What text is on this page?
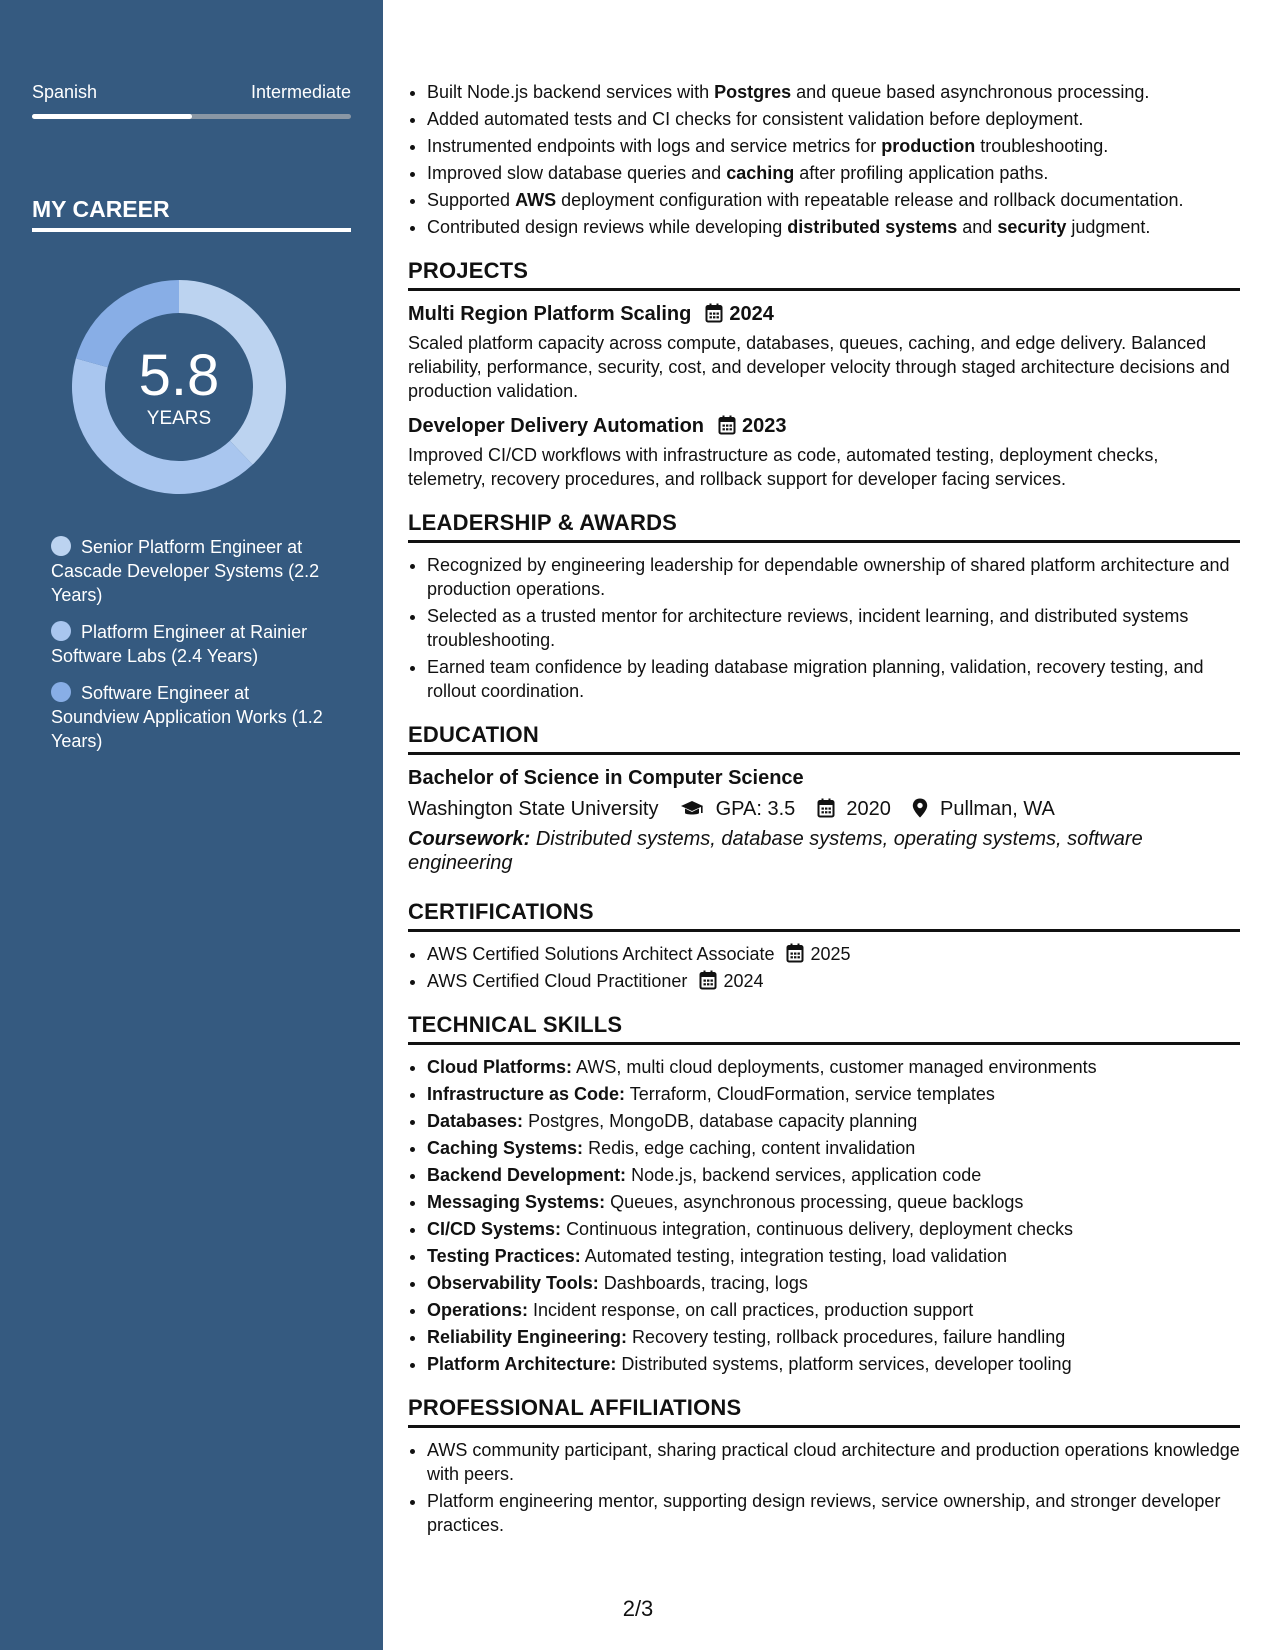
Spanish	Intermediate
MY CAREER
5.8
YEARS
Senior Platform Engineer at Cascade Developer Systems (2.2 Years)
Platform Engineer at Rainier Software Labs (2.4 Years)
Software Engineer at Soundview Application Works (1.2 Years)
• Built Node.js backend services with Postgres and queue based asynchronous processing.
• Added automated tests and CI checks for consistent validation before deployment.
• Instrumented endpoints with logs and service metrics for production troubleshooting.
• Improved slow database queries and caching after profiling application paths.
• Supported AWS deployment configuration with repeatable release and rollback documentation.
• Contributed design reviews while developing distributed systems and security judgment.
PROJECTS
Multi Region Platform Scaling 2024
Scaled platform capacity across compute, databases, queues, caching, and edge delivery. Balanced reliability, performance, security, cost, and developer velocity through staged architecture decisions and production validation.
Developer Delivery Automation 2023
Improved CI/CD workflows with infrastructure as code, automated testing, deployment checks, telemetry, recovery procedures, and rollback support for developer facing services.
LEADERSHIP & AWARDS
• Recognized by engineering leadership for dependable ownership of shared platform architecture and production operations.
• Selected as a trusted mentor for architecture reviews, incident learning, and distributed systems troubleshooting.
• Earned team confidence by leading database migration planning, validation, recovery testing, and rollout coordination.
EDUCATION
Bachelor of Science in Computer Science
Washington State University	GPA: 3.5	2020 Pullman, WA
Coursework: Distributed systems, database systems, operating systems, software engineering
CERTIFICATIONS
• AWS Certified Solutions Architect Associate 2025
• AWS Certified Cloud Practitioner 2024
TECHNICAL SKILLS
• Cloud Platforms: AWS, multi cloud deployments, customer managed environments
• Infrastructure as Code: Terraform, CloudFormation, service templates
• Databases: Postgres, MongoDB, database capacity planning
• Caching Systems: Redis, edge caching, content invalidation
• Backend Development: Node.js, backend services, application code
• Messaging Systems: Queues, asynchronous processing, queue backlogs
• CI/CD Systems: Continuous integration, continuous delivery, deployment checks
• Testing Practices: Automated testing, integration testing, load validation
• Observability Tools: Dashboards, tracing, logs
• Operations: Incident response, on call practices, production support
• Reliability Engineering: Recovery testing, rollback procedures, failure handling
• Platform Architecture: Distributed systems, platform services, developer tooling
PROFESSIONAL AFFILIATIONS
• AWS community participant, sharing practical cloud architecture and production operations knowledge with peers.
• Platform engineering mentor, supporting design reviews, service ownership, and stronger developer practices.
2/3
